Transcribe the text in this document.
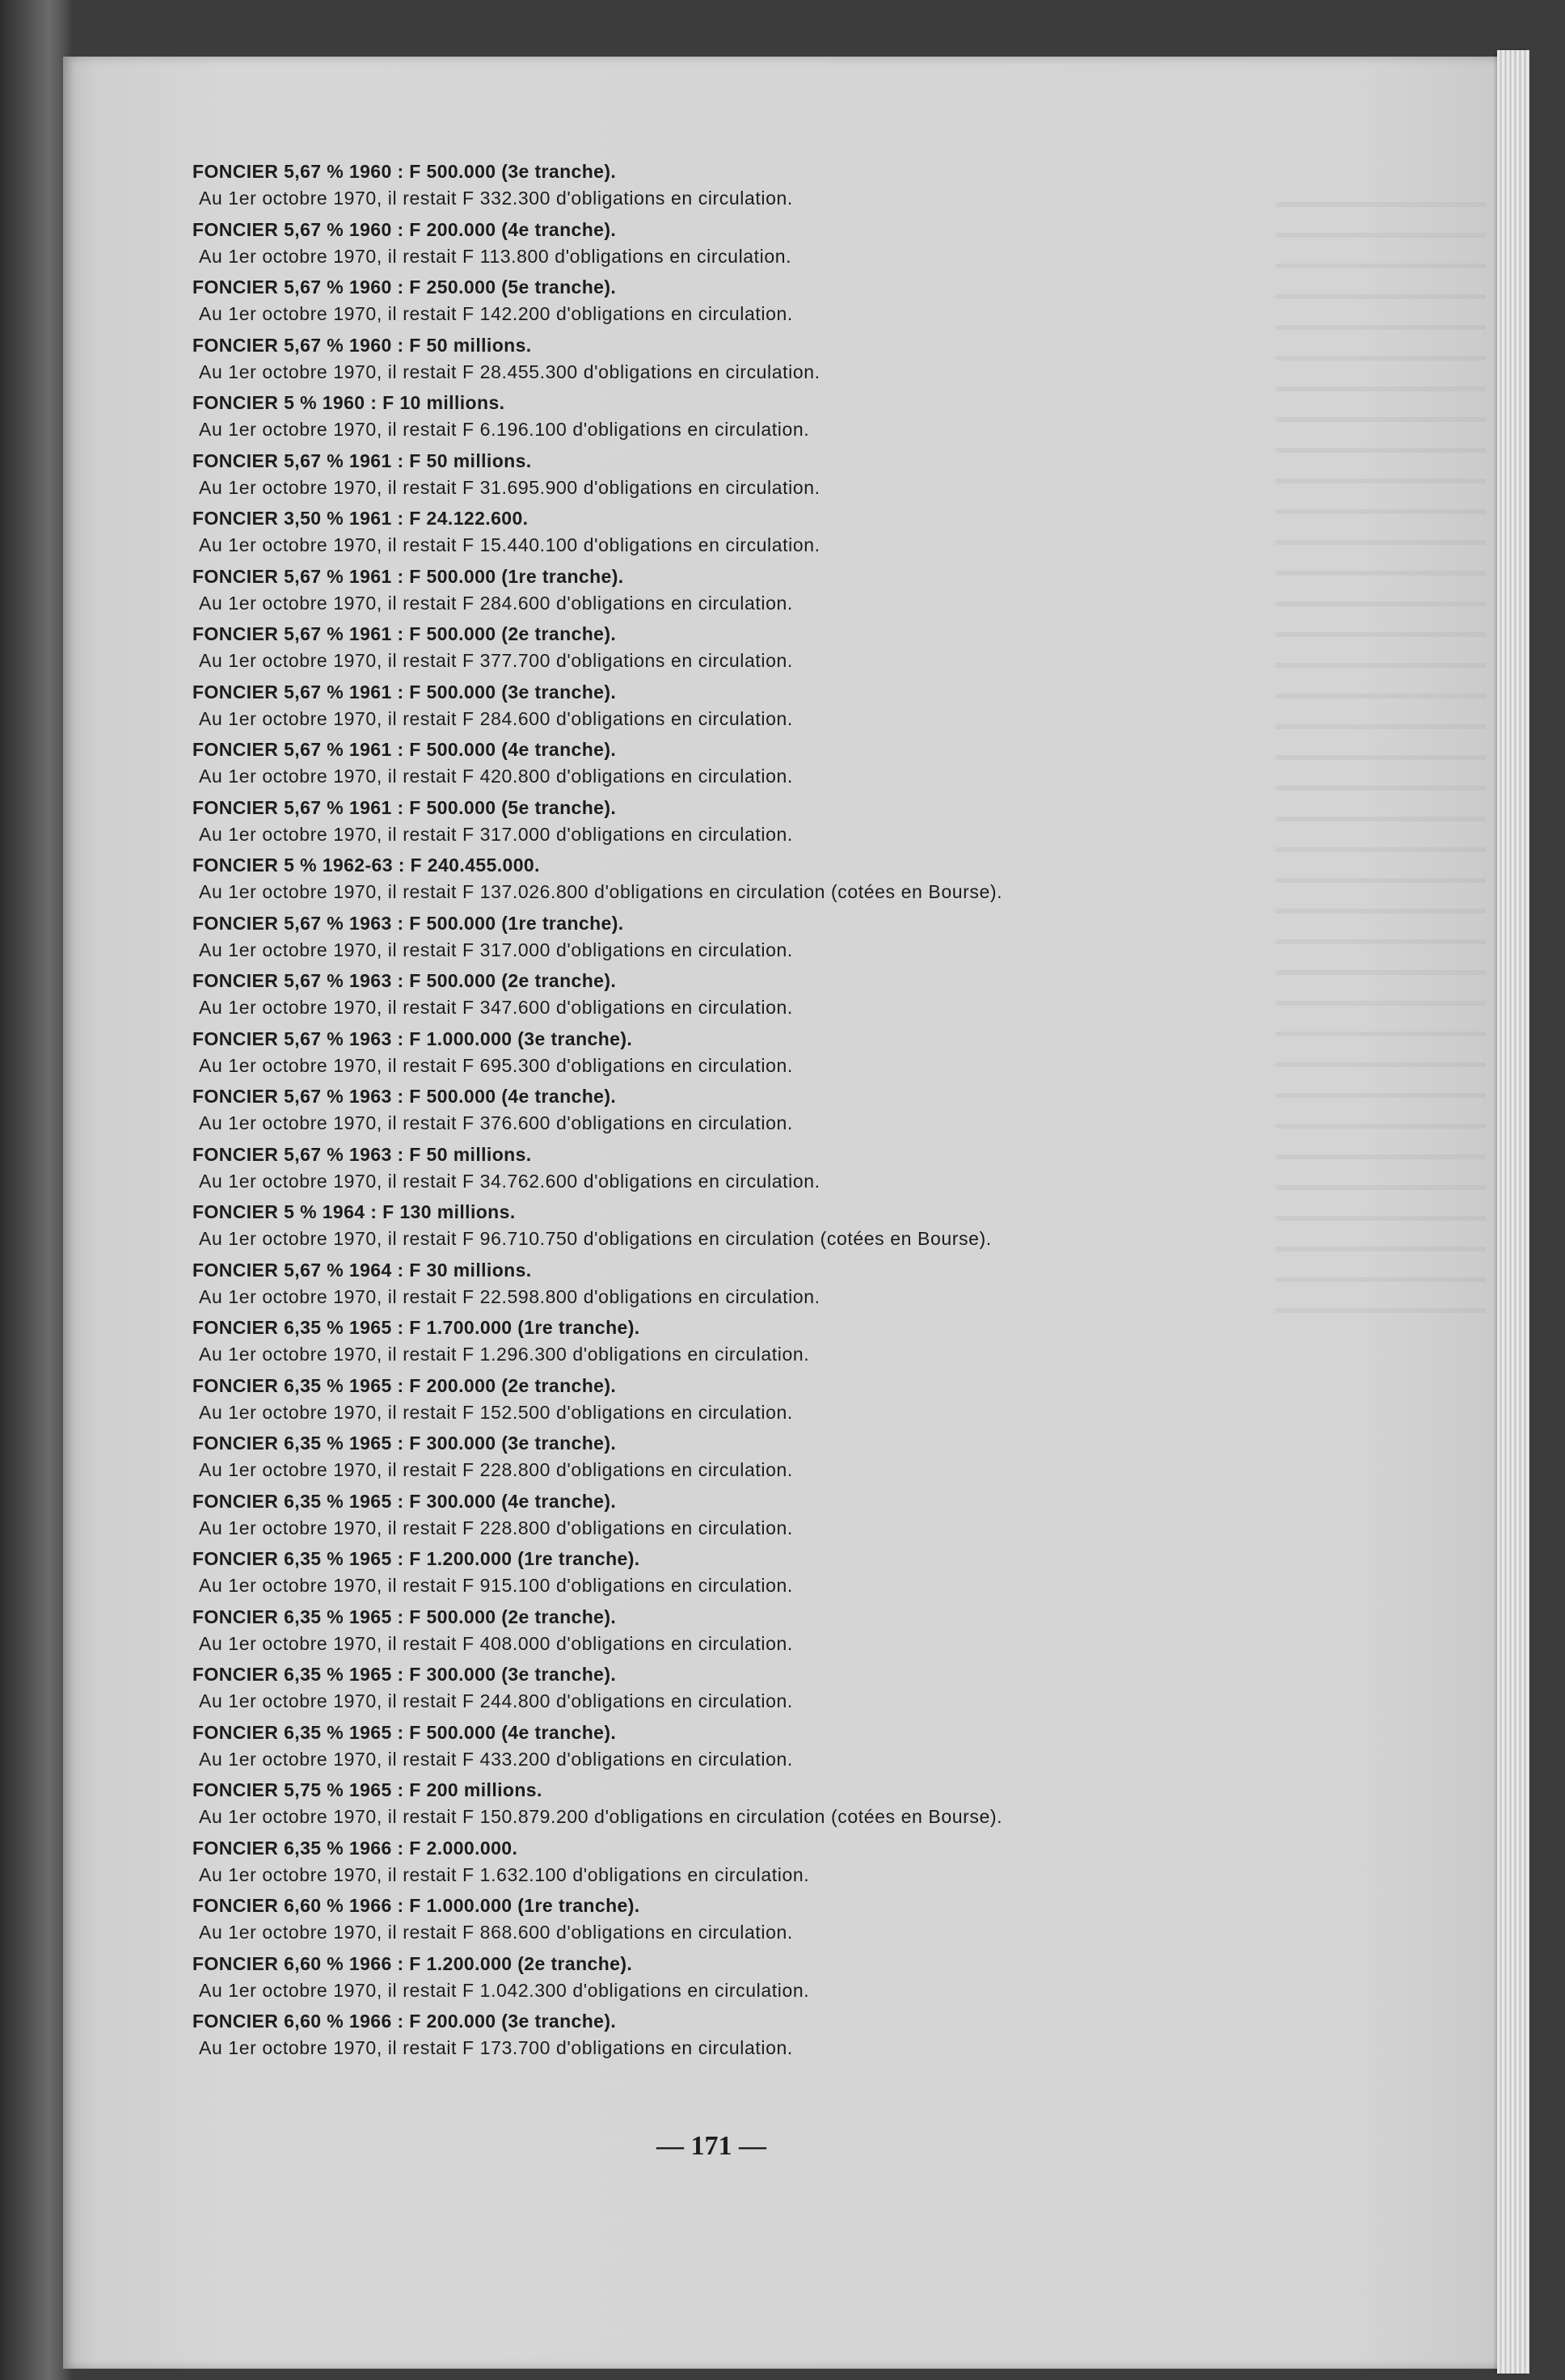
FONCIER 5,67 % 1960 : F 500.000 (3e tranche).
Au 1er octobre 1970, il restait F 332.300 d'obligations en circulation.
FONCIER 5,67 % 1960 : F 200.000 (4e tranche).
Au 1er octobre 1970, il restait F 113.800 d'obligations en circulation.
FONCIER 5,67 % 1960 : F 250.000 (5e tranche).
Au 1er octobre 1970, il restait F 142.200 d'obligations en circulation.
FONCIER 5,67 % 1960 : F 50 millions.
Au 1er octobre 1970, il restait F 28.455.300 d'obligations en circulation.
FONCIER 5 % 1960 : F 10 millions.
Au 1er octobre 1970, il restait F 6.196.100 d'obligations en circulation.
FONCIER 5,67 % 1961 : F 50 millions.
Au 1er octobre 1970, il restait F 31.695.900 d'obligations en circulation.
FONCIER 3,50 % 1961 : F 24.122.600.
Au 1er octobre 1970, il restait F 15.440.100 d'obligations en circulation.
FONCIER 5,67 % 1961 : F 500.000 (1re tranche).
Au 1er octobre 1970, il restait F 284.600 d'obligations en circulation.
FONCIER 5,67 % 1961 : F 500.000 (2e tranche).
Au 1er octobre 1970, il restait F 377.700 d'obligations en circulation.
FONCIER 5,67 % 1961 : F 500.000 (3e tranche).
Au 1er octobre 1970, il restait F 284.600 d'obligations en circulation.
FONCIER 5,67 % 1961 : F 500.000 (4e tranche).
Au 1er octobre 1970, il restait F 420.800 d'obligations en circulation.
FONCIER 5,67 % 1961 : F 500.000 (5e tranche).
Au 1er octobre 1970, il restait F 317.000 d'obligations en circulation.
FONCIER 5 % 1962-63 : F 240.455.000.
Au 1er octobre 1970, il restait F 137.026.800 d'obligations en circulation (cotées en Bourse).
FONCIER 5,67 % 1963 : F 500.000 (1re tranche).
Au 1er octobre 1970, il restait F 317.000 d'obligations en circulation.
FONCIER 5,67 % 1963 : F 500.000 (2e tranche).
Au 1er octobre 1970, il restait F 347.600 d'obligations en circulation.
FONCIER 5,67 % 1963 : F 1.000.000 (3e tranche).
Au 1er octobre 1970, il restait F 695.300 d'obligations en circulation.
FONCIER 5,67 % 1963 : F 500.000 (4e tranche).
Au 1er octobre 1970, il restait F 376.600 d'obligations en circulation.
FONCIER 5,67 % 1963 : F 50 millions.
Au 1er octobre 1970, il restait F 34.762.600 d'obligations en circulation.
FONCIER 5 % 1964 : F 130 millions.
Au 1er octobre 1970, il restait F 96.710.750 d'obligations en circulation (cotées en Bourse).
FONCIER 5,67 % 1964 : F 30 millions.
Au 1er octobre 1970, il restait F 22.598.800 d'obligations en circulation.
FONCIER 6,35 % 1965 : F 1.700.000 (1re tranche).
Au 1er octobre 1970, il restait F 1.296.300 d'obligations en circulation.
FONCIER 6,35 % 1965 : F 200.000 (2e tranche).
Au 1er octobre 1970, il restait F 152.500 d'obligations en circulation.
FONCIER 6,35 % 1965 : F 300.000 (3e tranche).
Au 1er octobre 1970, il restait F 228.800 d'obligations en circulation.
FONCIER 6,35 % 1965 : F 300.000 (4e tranche).
Au 1er octobre 1970, il restait F 228.800 d'obligations en circulation.
FONCIER 6,35 % 1965 : F 1.200.000 (1re tranche).
Au 1er octobre 1970, il restait F 915.100 d'obligations en circulation.
FONCIER 6,35 % 1965 : F 500.000 (2e tranche).
Au 1er octobre 1970, il restait F 408.000 d'obligations en circulation.
FONCIER 6,35 % 1965 : F 300.000 (3e tranche).
Au 1er octobre 1970, il restait F 244.800 d'obligations en circulation.
FONCIER 6,35 % 1965 : F 500.000 (4e tranche).
Au 1er octobre 1970, il restait F 433.200 d'obligations en circulation.
FONCIER 5,75 % 1965 : F 200 millions.
Au 1er octobre 1970, il restait F 150.879.200 d'obligations en circulation (cotées en Bourse).
FONCIER 6,35 % 1966 : F 2.000.000.
Au 1er octobre 1970, il restait F 1.632.100 d'obligations en circulation.
FONCIER 6,60 % 1966 : F 1.000.000 (1re tranche).
Au 1er octobre 1970, il restait F 868.600 d'obligations en circulation.
FONCIER 6,60 % 1966 : F 1.200.000 (2e tranche).
Au 1er octobre 1970, il restait F 1.042.300 d'obligations en circulation.
FONCIER 6,60 % 1966 : F 200.000 (3e tranche).
Au 1er octobre 1970, il restait F 173.700 d'obligations en circulation.
— 171 —
